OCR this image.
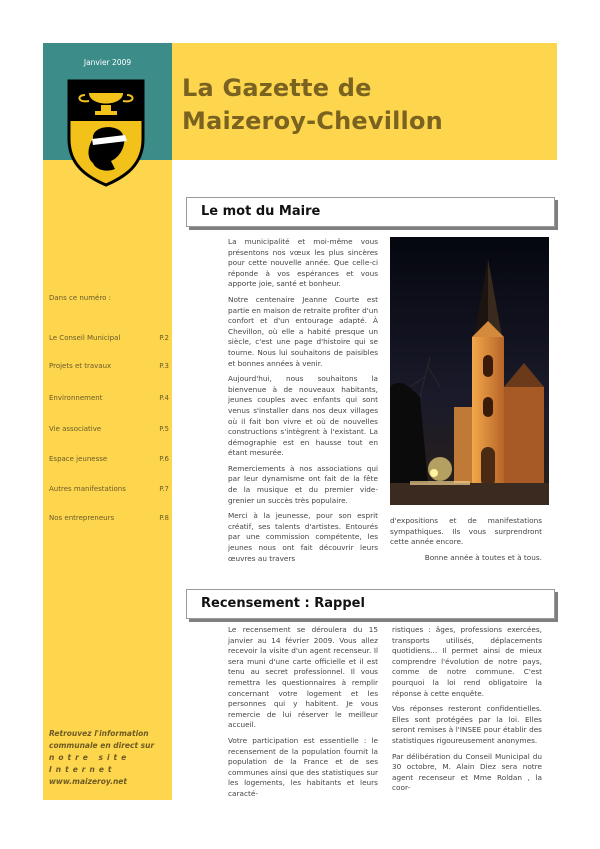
Janvier 2009
La Gazette de
Maizeroy-Chevillon
Dans ce numéro :
Le Conseil Municipal	P.2
Projets et travaux	P.3
Environnement	P.4
Vie associative	P.5
Espace jeunesse	P.6
Autres manifestations	P.7
Nos entrepreneurs	P.8
Retrouvez l'information
communale en direct sur
notre site Internet
www.maizeroy.net
Le mot du Maire

La municipalité et moi-même vous présentons nos vœux les plus sincères pour cette nouvelle année. Que celle-ci réponde à vos espérances et vous apporte joie, santé et bonheur.

Notre centenaire Jeanne Courte est partie en maison de retraite profiter d'un confort et d'un entourage adapté. À Chevillon, où elle a habité presque un siècle, c'est une page d'histoire qui se tourne. Nous lui souhaitons de paisibles et bonnes années à venir.

Aujourd'hui, nous souhaitons la bienvenue à de nouveaux habitants, jeunes couples avec enfants qui sont venus s'installer dans nos deux villages où il fait bon vivre et où de nouvelles constructions s'intègrent à l'existant. La démographie est en hausse tout en étant mesurée.

Remerciements à nos associations qui par leur dynamisme ont fait de la fête de la musique et du premier vide-grenier un succès très populaire.

Merci à la jeunesse, pour son esprit créatif, ses talents d'artistes. Entourés par une commission compétente, les jeunes nous ont fait découvrir leurs œuvres au travers

d'expositions et de manifestations sympathiques. Ils vous surprendront cette année encore.

Bonne année à toutes et à tous.
Recensement : Rappel

Le recensement se déroulera du 15 janvier au 14 février 2009. Vous allez recevoir la visite d'un agent recenseur. Il sera muni d'une carte officielle et il est tenu au secret professionnel. Il vous remettra les questionnaires à remplir concernant votre logement et les personnes qui y habitent. Je vous remercie de lui réserver le meilleur accueil.

Votre participation est essentielle : le recensement de la population fournit la population de la France et de ses communes ainsi que des statistiques sur les logements, les habitants et leurs caracté-

ristiques : âges, professions exercées, transports utilisés, déplacements quotidiens... Il permet ainsi de mieux comprendre l'évolution de notre pays, comme de notre commune. C'est pourquoi la loi rend obligatoire la réponse à cette enquête.

Vos réponses resteront confidentielles. Elles sont protégées par la loi. Elles seront remises à l'INSEE pour établir des statistiques rigoureusement anonymes.

Par délibération du Conseil Municipal du 30 octobre, M. Alain Diez sera notre agent recenseur et Mme Roldan , la coor-
